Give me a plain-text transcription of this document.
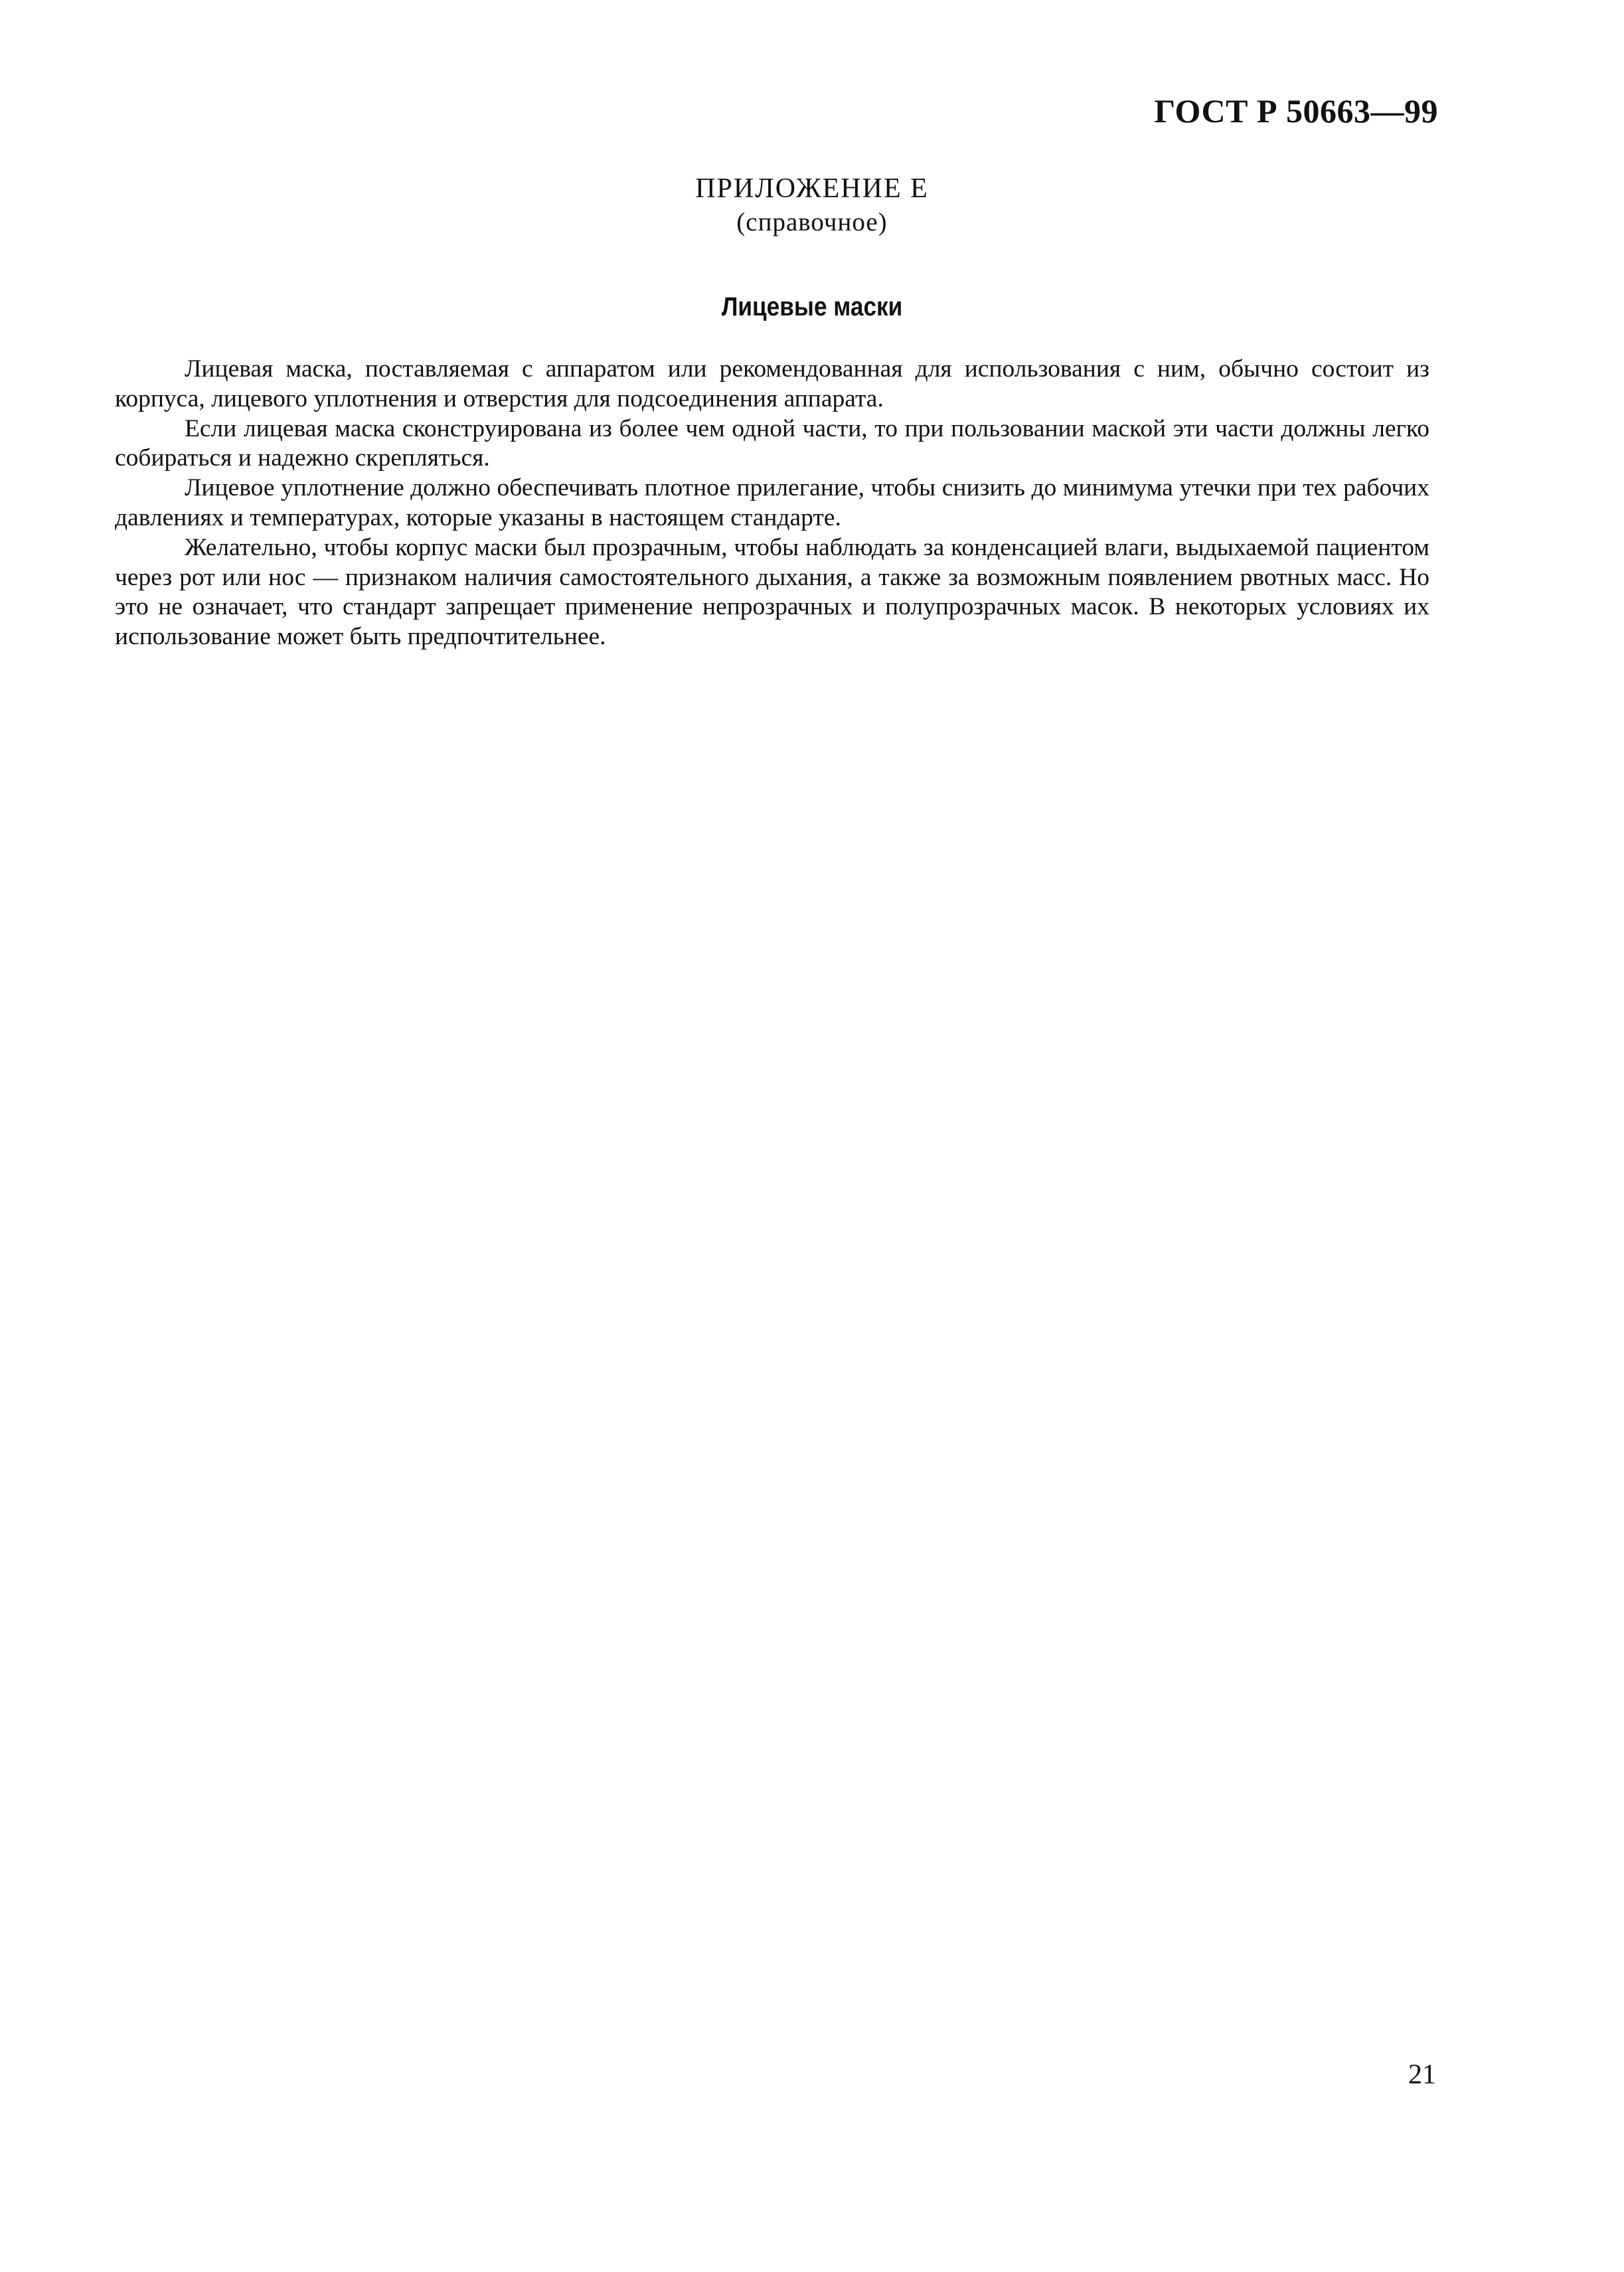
ГОСТ Р 50663—99
ПРИЛОЖЕНИЕ Е
(справочное)
Лицевые маски

Лицевая маска, поставляемая с аппаратом или рекомендованная для использования с ним, обычно состоит из корпуса, лицевого уплотнения и отверстия для подсоединения аппарата.

Если лицевая маска сконструирована из более чем одной части, то при пользовании маской эти части должны легко собираться и надежно скрепляться.

Лицевое уплотнение должно обеспечивать плотное прилегание, чтобы снизить до минимума утечки при тех рабочих давлениях и температурах, которые указаны в настоящем стандарте.

Желательно, чтобы корпус маски был прозрачным, чтобы наблюдать за конденсацией влаги, выдыхаемой пациентом через рот или нос — признаком наличия самостоятельного дыхания, а также за возможным появлением рвотных масс. Но это не означает, что стандарт запрещает применение непрозрачных и полупрозрачных масок. В некоторых условиях их использование может быть предпочтительнее.

21
